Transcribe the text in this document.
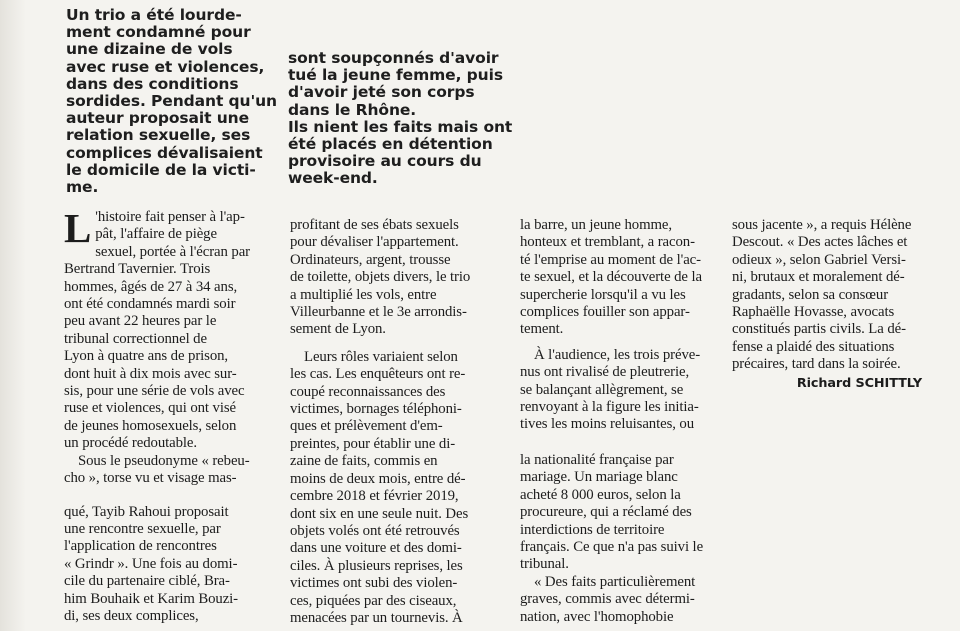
Un trio a été lourde-
ment condamné pour
une dizaine de vols
avec ruse et violences,
dans des conditions
sordides. Pendant qu'un
auteur proposait une
relation sexuelle, ses
complices dévalisaient
le domicile de la victi-
me.
sont soupçonnés d'avoir
tué la jeune femme, puis
d'avoir jeté son corps
dans le Rhône.
Ils nient les faits mais ont
été placés en détention
provisoire au cours du
week-end.
L 'histoire fait penser à l'ap-
pât, l'affaire de piège
sexuel, portée à l'écran par
Bertrand Tavernier. Trois
hommes, âgés de 27 à 34 ans,
ont été condamnés mardi soir
peu avant 22 heures par le
tribunal correctionnel de
Lyon à quatre ans de prison,
dont huit à dix mois avec sur-
sis, pour une série de vols avec
ruse et violences, qui ont visé
de jeunes homosexuels, selon
un procédé redoutable.
Sous le pseudonyme « rebeu-
cho », torse vu et visage mas-
qué, Tayib Rahoui proposait
une rencontre sexuelle, par
l'application de rencontres
« Grindr ». Une fois au domi-
cile du partenaire ciblé, Bra-
him Bouhaik et Karim Bouzi-
di, ses deux complices,
profitant de ses ébats sexuels
pour dévaliser l'appartement.
Ordinateurs, argent, trousse
de toilette, objets divers, le trio
a multiplié les vols, entre
Villeurbanne et le 3e arrondis-
sement de Lyon.
Leurs rôles variaient selon
les cas. Les enquêteurs ont re-
coupé reconnaissances des
victimes, bornages téléphoni-
ques et prélèvement d'em-
preintes, pour établir une di-
zaine de faits, commis en
moins de deux mois, entre dé-
cembre 2018 et février 2019,
dont six en une seule nuit. Des
objets volés ont été retrouvés
dans une voiture et des domi-
ciles. À plusieurs reprises, les
victimes ont subi des violen-
ces, piquées par des ciseaux,
menacées par un tournevis. À
la barre, un jeune homme,
honteux et tremblant, a racon-
té l'emprise au moment de l'ac-
te sexuel, et la découverte de la
supercherie lorsqu'il a vu les
complices fouiller son appar-
tement.
À l'audience, les trois préve-
nus ont rivalisé de pleutrerie,
se balançant allègrement, se
renvoyant à la figure les initia-
tives les moins reluisantes, ou
la nationalité française par
mariage. Un mariage blanc
acheté 8 000 euros, selon la
procureure, qui a réclamé des
interdictions de territoire
français. Ce que n'a pas suivi le
tribunal.
« Des faits particulièrement
graves, commis avec détermi-
nation, avec l'homophobie
sous jacente », a requis Hélène
Descout. « Des actes lâches et
odieux », selon Gabriel Versi-
ni, brutaux et moralement dé-
gradants, selon sa consœur
Raphaëlle Hovasse, avocats
constitués partis civils. La dé-
fense a plaidé des situations
précaires, tard dans la soirée.
Richard SCHITTLY
